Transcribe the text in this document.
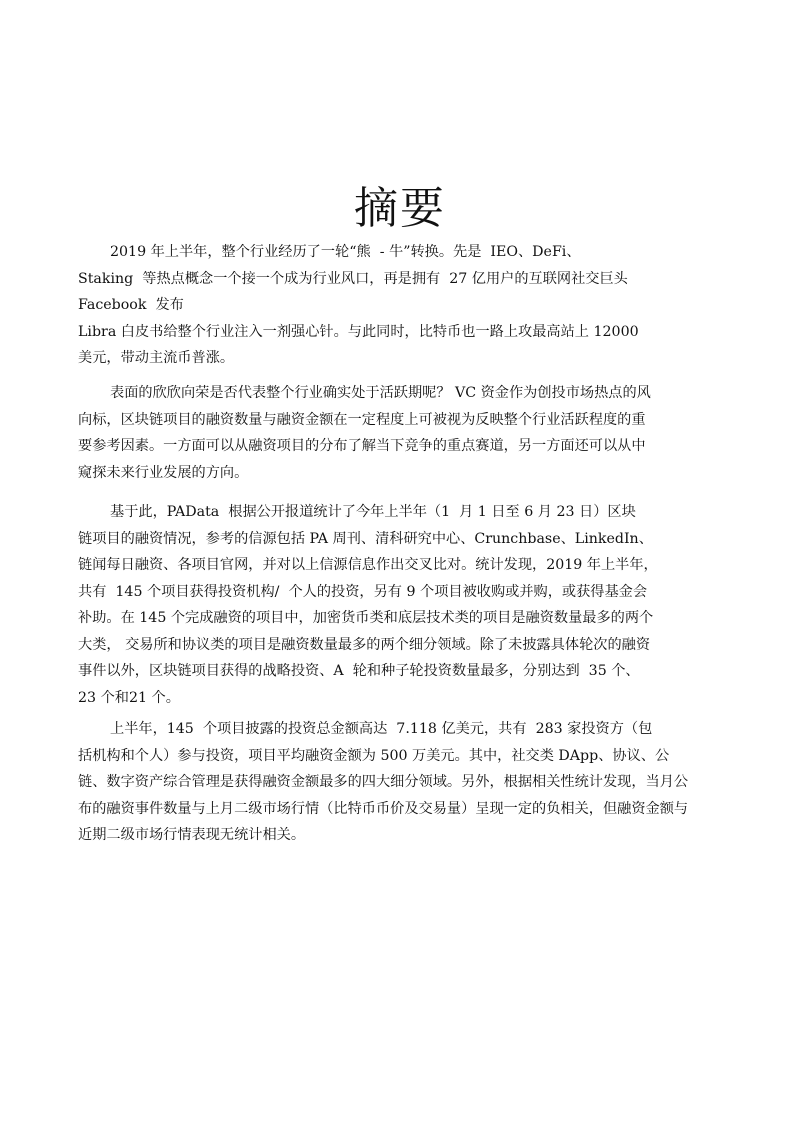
摘要
2019 年上半年，整个行业经历了一轮“熊  - 牛”转换。先是  IEO、DeFi、
Staking  等热点概念一个接一个成为行业风口，再是拥有  27 亿用户的互联网社交巨头
Facebook  发布
Libra 白皮书给整个行业注入一剂强心针。与此同时，比特币也一路上攻最高站上 12000
美元，带动主流币普涨。
表面的欣欣向荣是否代表整个行业确实处于活跃期呢？ VC 资金作为创投市场热点的风
向标，区块链项目的融资数量与融资金额在一定程度上可被视为反映整个行业活跃程度的重
要参考因素。一方面可以从融资项目的分布了解当下竞争的重点赛道，另一方面还可以从中
窥探未来行业发展的方向。
基于此，PAData  根据公开报道统计了今年上半年（1  月 1 日至 6 月 23 日）区块
链项目的融资情况，参考的信源包括 PA 周刊、清科研究中心、Crunchbase、LinkedIn、
链闻每日融资、各项目官网，并对以上信源信息作出交叉比对。统计发现，2019 年上半年，
共有  145 个项目获得投资机构/  个人的投资，另有 9 个项目被收购或并购，或获得基金会
补助。在 145 个完成融资的项目中，加密货币类和底层技术类的项目是融资数量最多的两个
大类， 交易所和协议类的项目是融资数量最多的两个细分领域。除了未披露具体轮次的融资
事件以外，区块链项目获得的战略投资、A  轮和种子轮投资数量最多，分别达到  35 个、
23 个和21 个。
上半年，145  个项目披露的投资总金额高达  7.118 亿美元，共有  283 家投资方（包
括机构和个人）参与投资，项目平均融资金额为 500 万美元。其中，社交类 DApp、协议、公
链、数字资产综合管理是获得融资金额最多的四大细分领域。另外，根据相关性统计发现，当月公
布的融资事件数量与上月二级市场行情（比特币币价及交易量）呈现一定的负相关，但融资金额与
近期二级市场行情表现无统计相关。
